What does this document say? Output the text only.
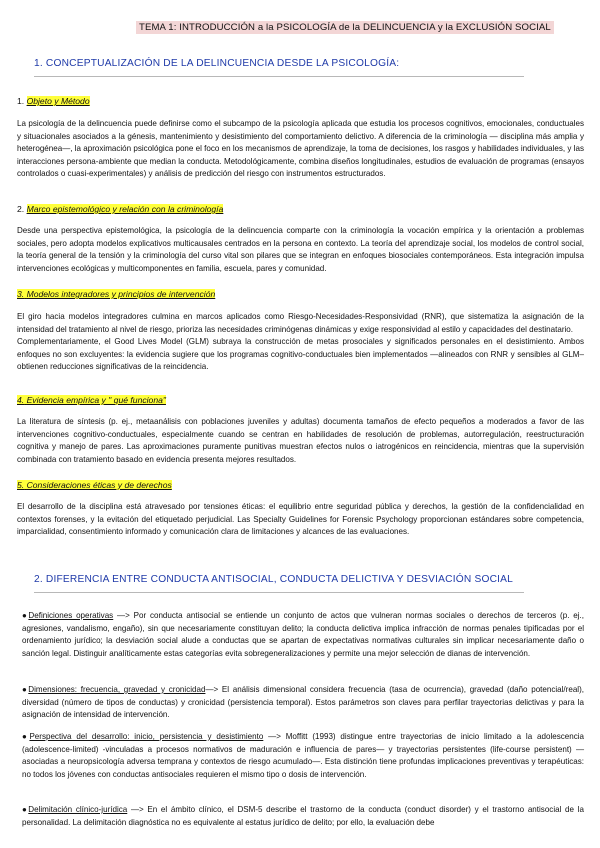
TEMA 1: INTRODUCCIÓN a la PSICOLOGÍA de la DELINCUENCIA y la EXCLUSIÓN SOCIAL
1. CONCEPTUALIZACIÓN DE LA DELINCUENCIA DESDE LA PSICOLOGÍA:
1. Objeto y Método

La psicología de la delincuencia puede definirse como el subcampo de la psicología aplicada que estudia los procesos cognitivos, emocionales, conductuales y situacionales asociados a la génesis, mantenimiento y desistimiento del comportamiento delictivo. A diferencia de la criminología — disciplina más amplia y heterogénea—, la aproximación psicológica pone el foco en los mecanismos de aprendizaje, la toma de decisiones, los rasgos y habilidades individuales, y las interacciones persona-ambiente que median la conducta. Metodológicamente, combina diseños longitudinales, estudios de evaluación de programas (ensayos controlados o cuasi-experimentales) y análisis de predicción del riesgo con instrumentos estructurados.

2. Marco epistemológico y relación con la criminología

Desde una perspectiva epistemológica, la psicología de la delincuencia comparte con la criminología la vocación empírica y la orientación a problemas sociales, pero adopta modelos explicativos multicausales centrados en la persona en contexto. La teoría del aprendizaje social, los modelos de control social, la teoría general de la tensión y la criminología del curso vital son pilares que se integran en enfoques biosociales contemporáneos. Esta integración impulsa intervenciones ecológicas y multicomponentes en familia, escuela, pares y comunidad.

3. Modelos integradores y principios de intervención

El giro hacia modelos integradores culmina en marcos aplicados como Riesgo-Necesidades-Responsividad (RNR), que sistematiza la asignación de la intensidad del tratamiento al nivel de riesgo, prioriza las necesidades criminógenas dinámicas y exige responsividad al estilo y capacidades del destinatario.

Complementariamente, el Good Lives Model (GLM) subraya la construcción de metas prosociales y significados personales en el desistimiento. Ambos enfoques no son excluyentes: la evidencia sugiere que los programas cognitivo-conductuales bien implementados —alineados con RNR y sensibles al GLM– obtienen reducciones significativas de la reincidencia.

4. Evidencia empírica y " qué funciona"

La literatura de síntesis (p. ej., metaanálisis con poblaciones juveniles y adultas) documenta tamaños de efecto pequeños a moderados a favor de las intervenciones cognitivo-conductuales, especialmente cuando se centran en habilidades de resolución de problemas, autorregulación, reestructuración cognitiva y manejo de pares. Las aproximaciones puramente punitivas muestran efectos nulos o iatrogénicos en reincidencia, mientras que la supervisión combinada con tratamiento basado en evidencia presenta mejores resultados.

5. Consideraciones éticas y de derechos

El desarrollo de la disciplina está atravesado por tensiones éticas: el equilibrio entre seguridad pública y derechos, la gestión de la confidencialidad en contextos forenses, y la evitación del etiquetado perjudicial. Las Specialty Guidelines for Forensic Psychology proporcionan estándares sobre competencia, imparcialidad, consentimiento informado y comunicación clara de limitaciones y alcances de las evaluaciones.

2. DIFERENCIA ENTRE CONDUCTA ANTISOCIAL, CONDUCTA DELICTIVA Y DESVIACIÓN SOCIAL
●Definiciones operativas —> Por conducta antisocial se entiende un conjunto de actos que vulneran normas sociales o derechos de terceros (p. ej., agresiones, vandalismo, engaño), sin que necesariamente constituyan delito; la conducta delictiva implica infracción de normas penales tipificadas por el ordenamiento jurídico; la desviación social alude a conductas que se apartan de expectativas normativas culturales sin implicar necesariamente daño o sanción legal. Distinguir analíticamente estas categorías evita sobregeneralizaciones y permite una mejor selección de dianas de intervención.
●Dimensiones: frecuencia, gravedad y cronicidad—> El análisis dimensional considera frecuencia (tasa de ocurrencia), gravedad (daño potencial/real), diversidad (número de tipos de conductas) y cronicidad (persistencia temporal). Estos parámetros son claves para perfilar trayectorias delictivas y para la asignación de intensidad de intervención.
●Perspectiva del desarrollo: inicio, persistencia y desistimiento —> Moffitt (1993) distingue entre trayectorias de inicio limitado a la adolescencia (adolescence-limited) -vinculadas a procesos normativos de maduración e influencia de pares— y trayectorias persistentes (life-course persistent) —asociadas a neuropsicología adversa temprana y contextos de riesgo acumulado—. Esta distinción tiene profundas implicaciones preventivas y terapéuticas: no todos los jóvenes con conductas antisociales requieren el mismo tipo o dosis de intervención.
●Delimitación clínico-jurídica —> En el ámbito clínico, el DSM-5 describe el trastorno de la conducta (conduct disorder) y el trastorno antisocial de la personalidad. La delimitación diagnóstica no es equivalente al estatus jurídico de delito; por ello, la evaluación debe
